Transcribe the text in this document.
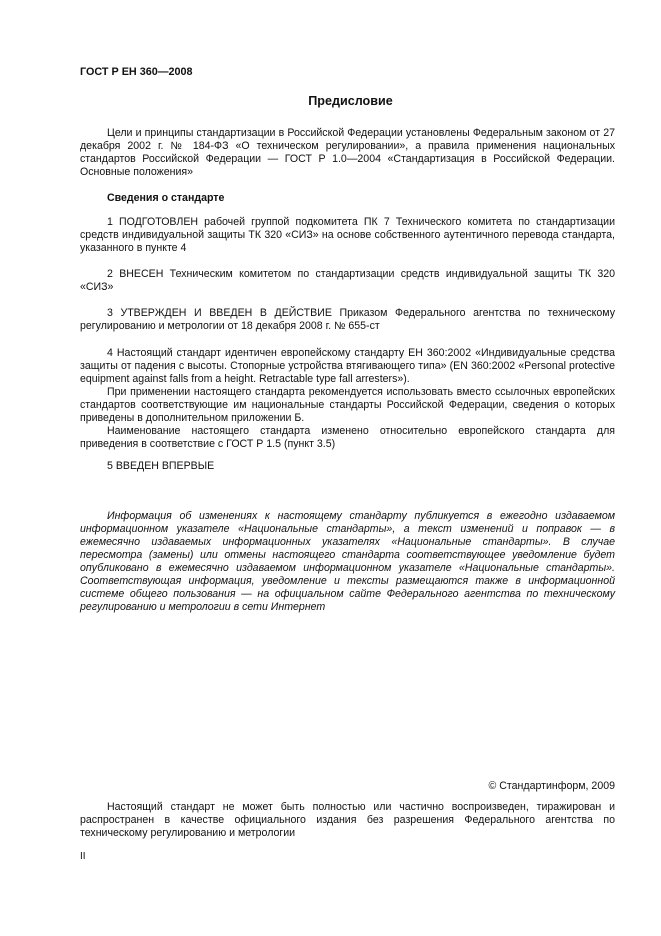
ГОСТ Р ЕН 360—2008
Предисловие

Цели и принципы стандартизации в Российской Федерации установлены Федеральным законом от 27 декабря 2002 г. № 184-ФЗ «О техническом регулировании», а правила применения национальных стандартов Российской Федерации — ГОСТ Р 1.0—2004 «Стандартизация в Российской Федерации. Основные положения»

Сведения о стандарте

1 ПОДГОТОВЛЕН рабочей группой подкомитета ПК 7 Технического комитета по стандартизации средств индивидуальной защиты ТК 320 «СИЗ» на основе собственного аутентичного перевода стандарта, указанного в пункте 4

2 ВНЕСЕН Техническим комитетом по стандартизации средств индивидуальной защиты ТК 320 «СИЗ»

3 УТВЕРЖДЕН И ВВЕДЕН В ДЕЙСТВИЕ Приказом Федерального агентства по техническому регулированию и метрологии от 18 декабря 2008 г. № 655-ст

4 Настоящий стандарт идентичен европейскому стандарту ЕН 360:2002 «Индивидуальные средства защиты от падения с высоты. Стопорные устройства втягивающего типа» (EN 360:2002 «Personal protective equipment against falls from a height. Retractable type fall arresters»).

При применении настоящего стандарта рекомендуется использовать вместо ссылочных европейских стандартов соответствующие им национальные стандарты Российской Федерации, сведения о которых приведены в дополнительном приложении Б.

Наименование настоящего стандарта изменено относительно европейского стандарта для приведения в соответствие с ГОСТ Р 1.5 (пункт 3.5)

5 ВВЕДЕН ВПЕРВЫЕ

Информация об изменениях к настоящему стандарту публикуется в ежегодно издаваемом информационном указателе «Национальные стандарты», а текст изменений и поправок — в ежемесячно издаваемых информационных указателях «Национальные стандарты». В случае пересмотра (замены) или отмены настоящего стандарта соответствующее уведомление будет опубликовано в ежемесячно издаваемом информационном указателе «Национальные стандарты». Соответствующая информация, уведомление и тексты размещаются также в информационной системе общего пользования — на официальном сайте Федерального агентства по техническому регулированию и метрологии в сети Интернет

© Стандартинформ, 2009

Настоящий стандарт не может быть полностью или частично воспроизведен, тиражирован и распространен в качестве официального издания без разрешения Федерального агентства по техническому регулированию и метрологии

II
